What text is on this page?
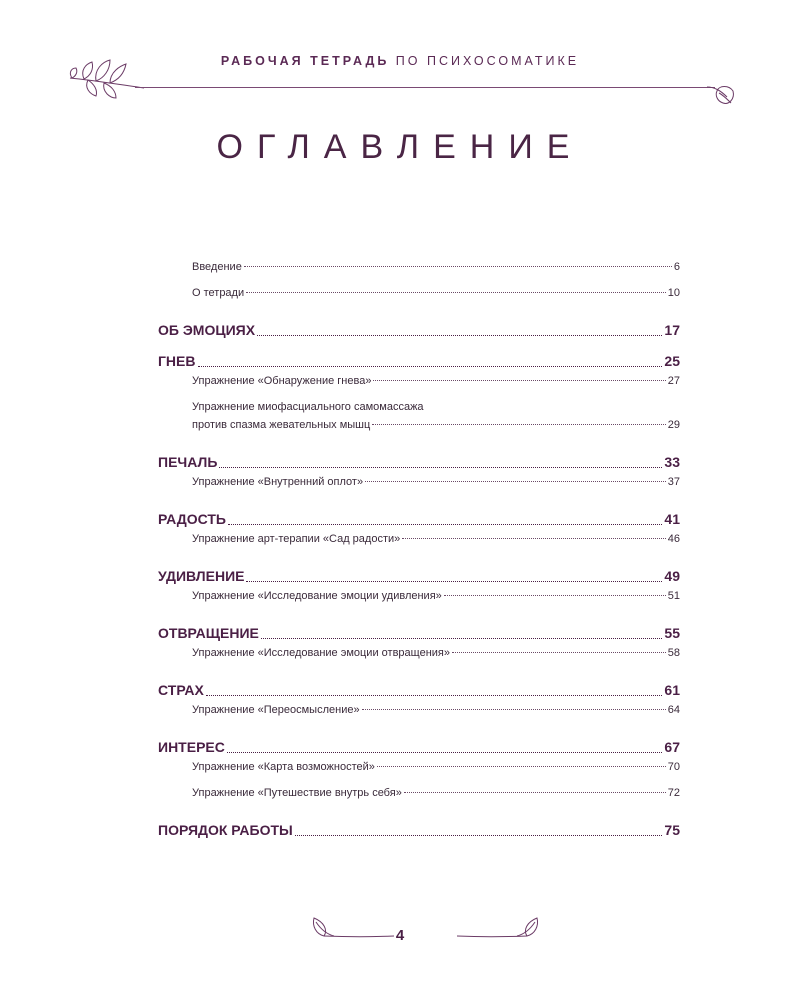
РАБОЧАЯ ТЕТРАДЬ ПО ПСИХОСОМАТИКЕ
ОГЛАВЛЕНИЕ
Введение	6
О тетради	10
ОБ ЭМОЦИЯХ	17
ГНЕВ	25
Упражнение «Обнаружение гнева»	27
Упражнение миофасциального самомассажа
против спазма жевательных мышц	29
ПЕЧАЛЬ	33
Упражнение «Внутренний оплот»	37
РАДОСТЬ	41
Упражнение арт-терапии «Сад радости»	46
УДИВЛЕНИЕ	49
Упражнение «Исследование эмоции удивления»	51
ОТВРАЩЕНИЕ	55
Упражнение «Исследование эмоции отвращения»	58
СТРАХ	61
Упражнение «Переосмысление»	64
ИНТЕРЕС	67
Упражнение «Карта возможностей»	70
Упражнение «Путешествие внутрь себя»	72
ПОРЯДОК РАБОТЫ	75
4
